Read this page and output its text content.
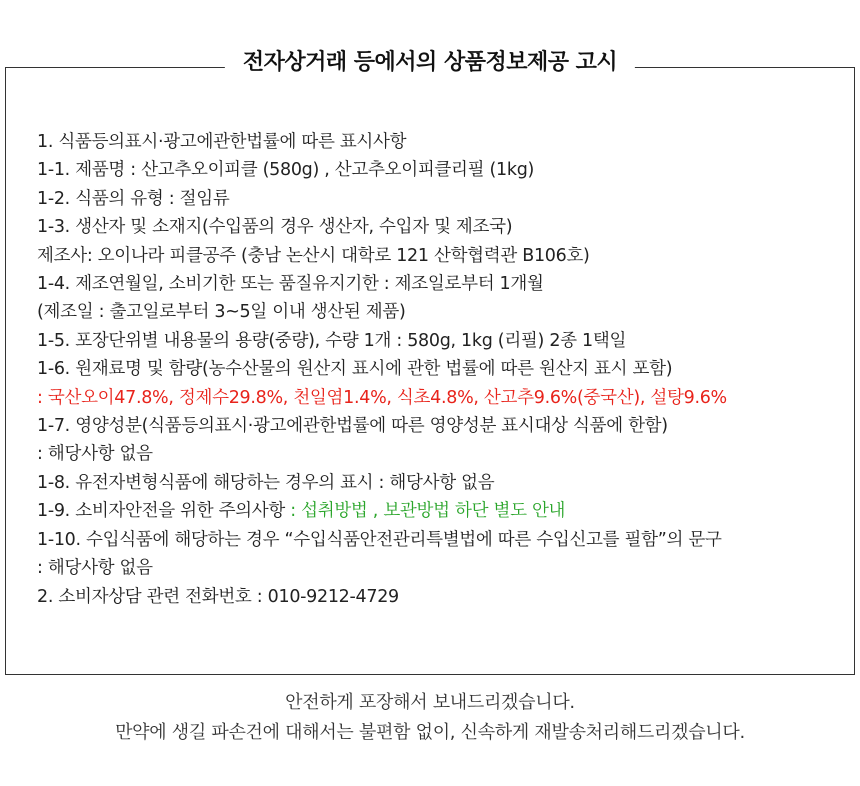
전자상거래 등에서의 상품정보제공 고시
1. 식품등의표시·광고에관한법률에 따른 표시사항
1-1. 제품명 : 산고추오이피클 (580g) , 산고추오이피클리필 (1kg)
1-2. 식품의 유형 : 절임류
1-3. 생산자 및 소재지(수입품의 경우 생산자, 수입자 및 제조국)
제조사: 오이나라 피클공주 (충남 논산시 대학로 121 산학협력관 B106호)
1-4. 제조연월일, 소비기한 또는 품질유지기한 : 제조일로부터 1개월
(제조일 : 출고일로부터 3~5일 이내 생산된 제품)
1-5. 포장단위별 내용물의 용량(중량), 수량 1개 : 580g, 1kg (리필) 2종 1택일
1-6. 원재료명 및 함량(농수산물의 원산지 표시에 관한 법률에 따른 원산지 표시 포함)
: 국산오이47.8%, 정제수29.8%, 천일염1.4%, 식초4.8%, 산고추9.6%(중국산), 설탕9.6%
1-7. 영양성분(식품등의표시·광고에관한법률에 따른 영양성분 표시대상 식품에 한함)
: 해당사항 없음
1-8. 유전자변형식품에 해당하는 경우의 표시 : 해당사항 없음
1-9. 소비자안전을 위한 주의사항 : 섭취방법 , 보관방법 하단 별도 안내
1-10. 수입식품에 해당하는 경우 “수입식품안전관리특별법에 따른 수입신고를 필함”의 문구
: 해당사항 없음
2. 소비자상담 관련 전화번호 : 010-9212-4729
안전하게 포장해서 보내드리겠습니다.
만약에 생길 파손건에 대해서는 불편함 없이, 신속하게 재발송처리해드리겠습니다.
